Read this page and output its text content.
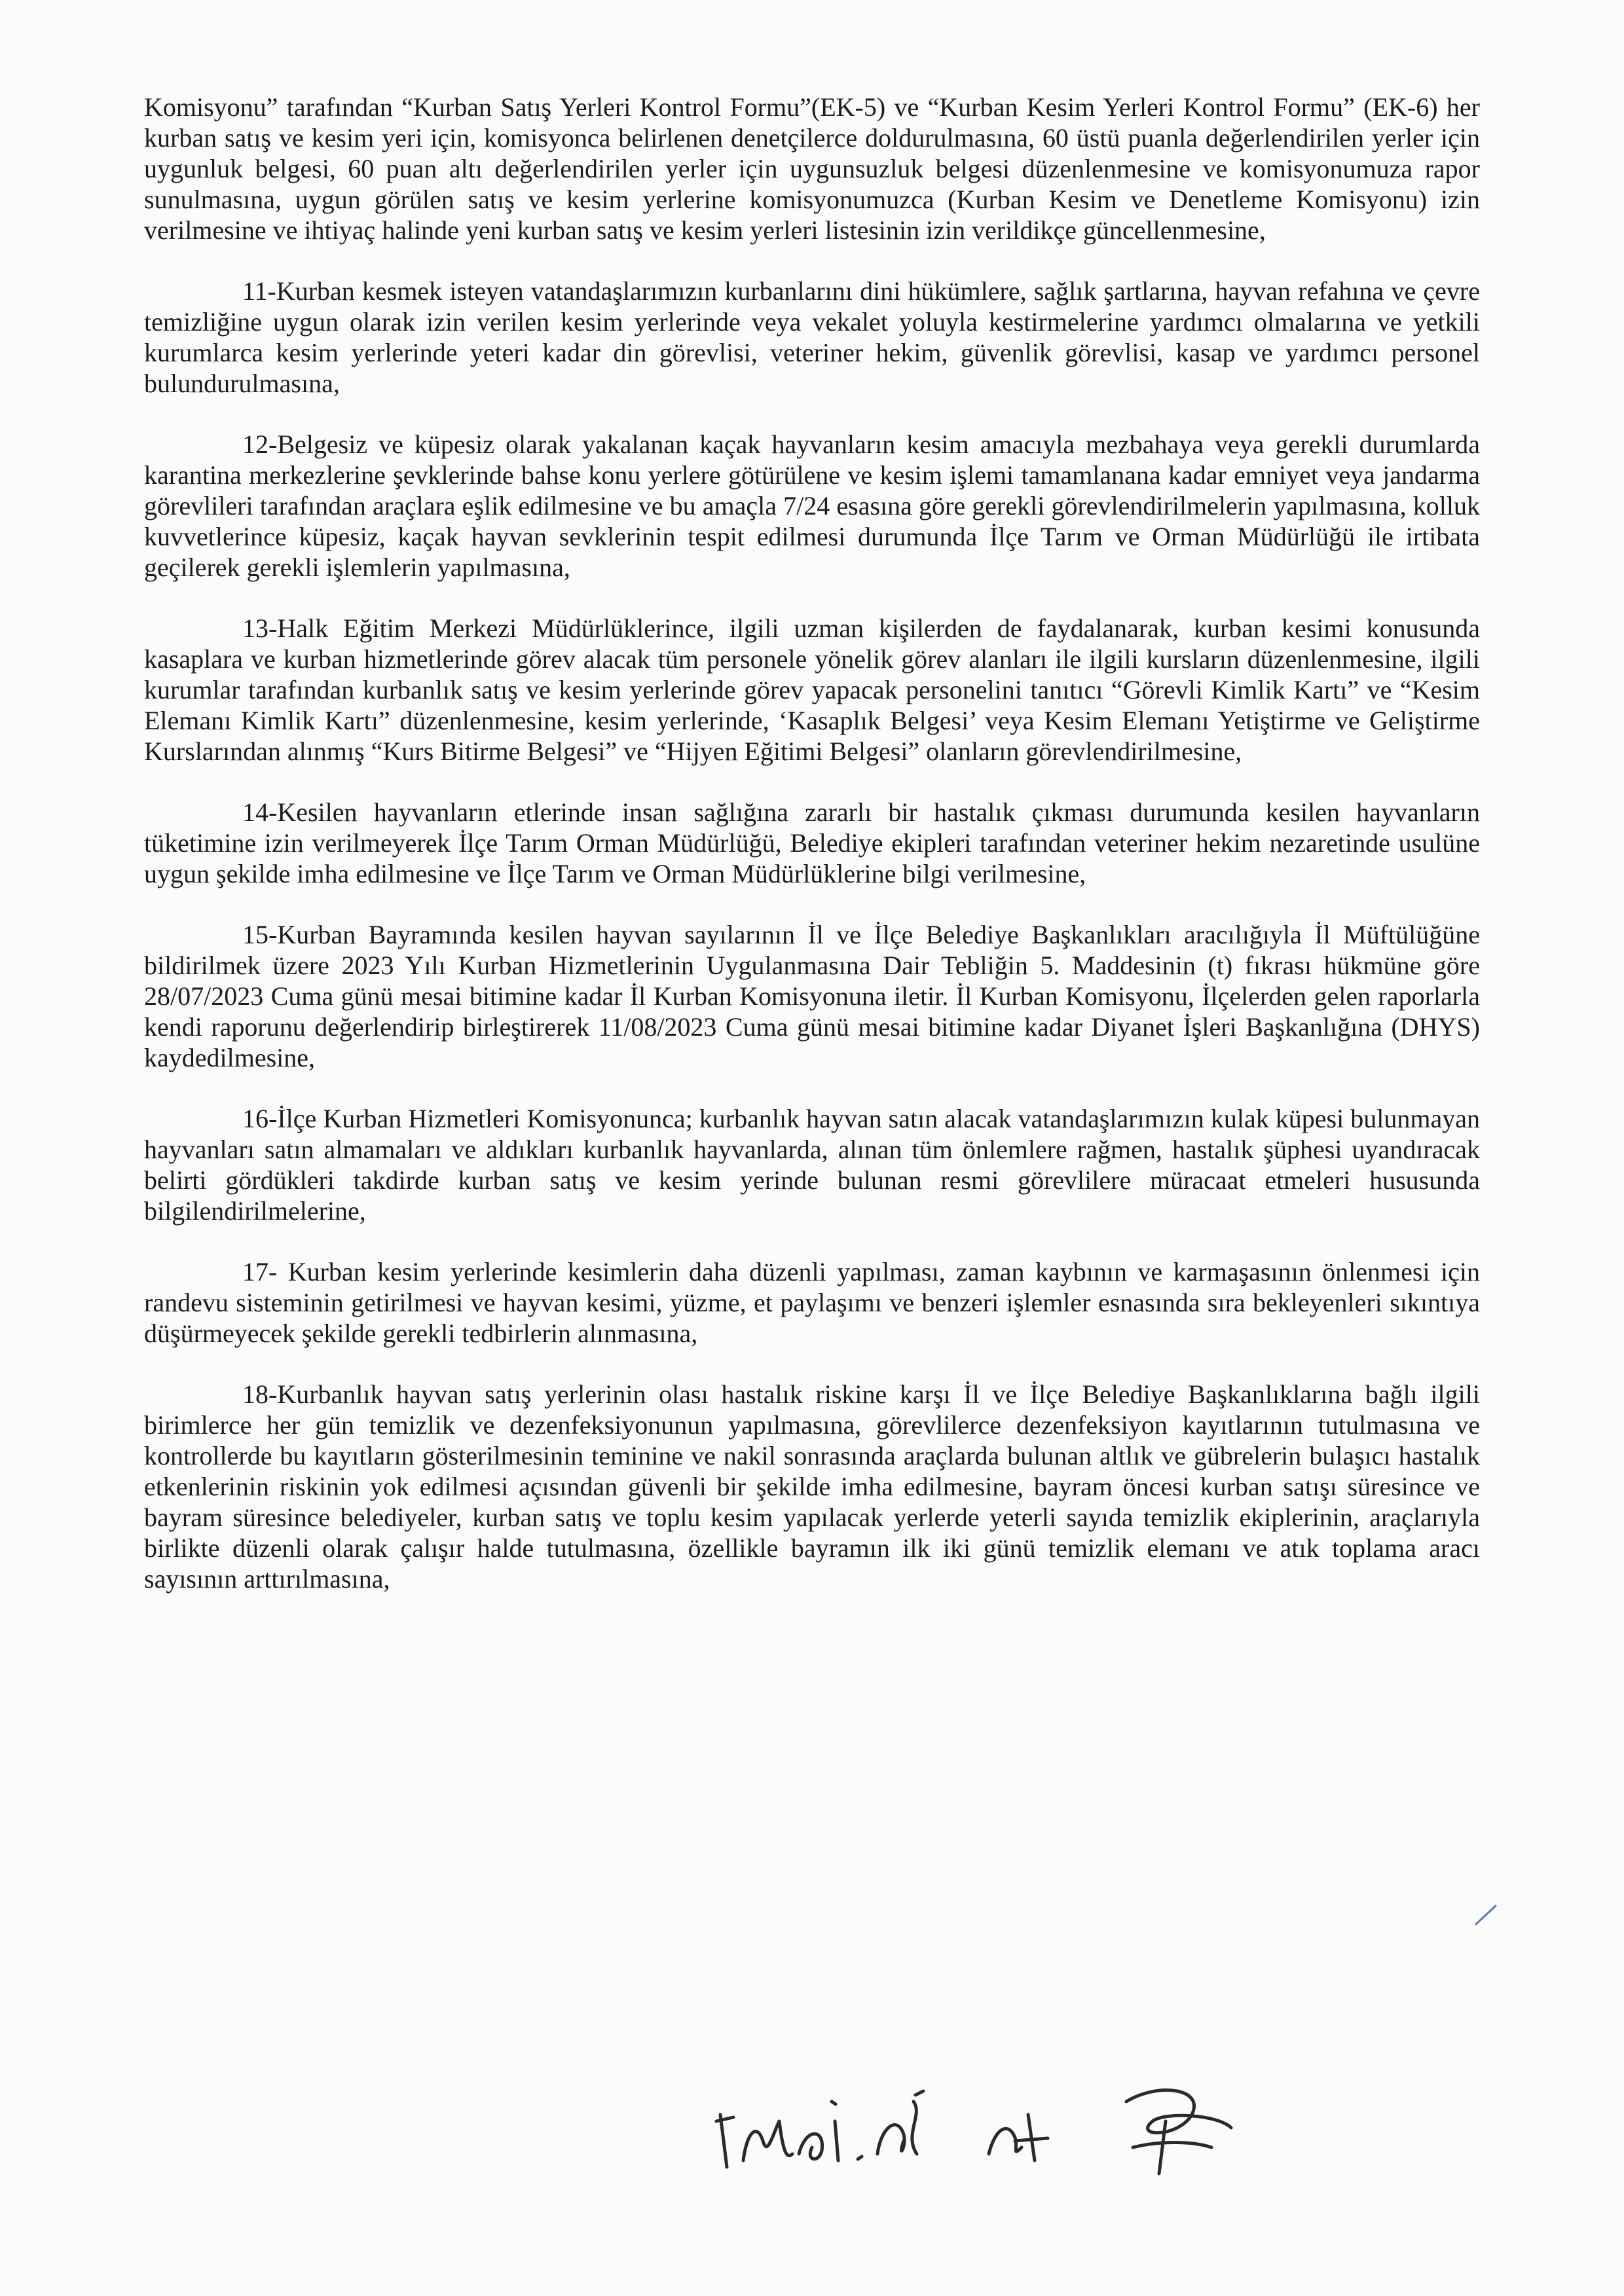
Komisyonu” tarafından “Kurban Satış Yerleri Kontrol Formu”(EK-5) ve “Kurban Kesim Yerleri Kontrol Formu” (EK-6) her kurban satış ve kesim yeri için, komisyonca belirlenen denetçilerce doldurulmasına, 60 üstü puanla değerlendirilen yerler için uygunluk belgesi, 60 puan altı değerlendirilen yerler için uygunsuzluk belgesi düzenlenmesine ve komisyonumuza rapor sunulmasına, uygun görülen satış ve kesim yerlerine komisyonumuzca (Kurban Kesim ve Denetleme Komisyonu) izin verilmesine ve ihtiyaç halinde yeni kurban satış ve kesim yerleri listesinin izin verildikçe güncellenmesine,

11-Kurban kesmek isteyen vatandaşlarımızın kurbanlarını dini hükümlere, sağlık şartlarına, hayvan refahına ve çevre temizliğine uygun olarak izin verilen kesim yerlerinde veya vekalet yoluyla kestirmelerine yardımcı olmalarına ve yetkili kurumlarca kesim yerlerinde yeteri kadar din görevlisi, veteriner hekim, güvenlik görevlisi, kasap ve yardımcı personel bulundurulmasına,

12-Belgesiz ve küpesiz olarak yakalanan kaçak hayvanların kesim amacıyla mezbahaya veya gerekli durumlarda karantina merkezlerine şevklerinde bahse konu yerlere götürülene ve kesim işlemi tamamlanana kadar emniyet veya jandarma görevlileri tarafından araçlara eşlik edilmesine ve bu amaçla 7/24 esasına göre gerekli görevlendirilmelerin yapılmasına, kolluk kuvvetlerince küpesiz, kaçak hayvan sevklerinin tespit edilmesi durumunda İlçe Tarım ve Orman Müdürlüğü ile irtibata geçilerek gerekli işlemlerin yapılmasına,

13-Halk Eğitim Merkezi Müdürlüklerince, ilgili uzman kişilerden de faydalanarak, kurban kesimi konusunda kasaplara ve kurban hizmetlerinde görev alacak tüm personele yönelik görev alanları ile ilgili kursların düzenlenmesine, ilgili kurumlar tarafından kurbanlık satış ve kesim yerlerinde görev yapacak personelini tanıtıcı “Görevli Kimlik Kartı” ve “Kesim Elemanı Kimlik Kartı” düzenlenmesine, kesim yerlerinde, ‘Kasaplık Belgesi’ veya Kesim Elemanı Yetiştirme ve Geliştirme Kurslarından alınmış “Kurs Bitirme Belgesi” ve “Hijyen Eğitimi Belgesi” olanların görevlendirilmesine,

14-Kesilen hayvanların etlerinde insan sağlığına zararlı bir hastalık çıkması durumunda kesilen hayvanların tüketimine izin verilmeyerek İlçe Tarım Orman Müdürlüğü, Belediye ekipleri tarafından veteriner hekim nezaretinde usulüne uygun şekilde imha edilmesine ve İlçe Tarım ve Orman Müdürlüklerine bilgi verilmesine,

15-Kurban Bayramında kesilen hayvan sayılarının İl ve İlçe Belediye Başkanlıkları aracılığıyla İl Müftülüğüne bildirilmek üzere 2023 Yılı Kurban Hizmetlerinin Uygulanmasına Dair Tebliğin 5. Maddesinin (t) fıkrası hükmüne göre 28/07/2023 Cuma günü mesai bitimine kadar İl Kurban Komisyonuna iletir. İl Kurban Komisyonu, İlçelerden gelen raporlarla kendi raporunu değerlendirip birleştirerek 11/08/2023 Cuma günü mesai bitimine kadar Diyanet İşleri Başkanlığına (DHYS) kaydedilmesine,

16-İlçe Kurban Hizmetleri Komisyonunca; kurbanlık hayvan satın alacak vatandaşlarımızın kulak küpesi bulunmayan hayvanları satın almamaları ve aldıkları kurbanlık hayvanlarda, alınan tüm önlemlere rağmen, hastalık şüphesi uyandıracak belirti gördükleri takdirde kurban satış ve kesim yerinde bulunan resmi görevlilere müracaat etmeleri hususunda bilgilendirilmelerine,

17- Kurban kesim yerlerinde kesimlerin daha düzenli yapılması, zaman kaybının ve karmaşasının önlenmesi için randevu sisteminin getirilmesi ve hayvan kesimi, yüzme, et paylaşımı ve benzeri işlemler esnasında sıra bekleyenleri sıkıntıya düşürmeyecek şekilde gerekli tedbirlerin alınmasına,

18-Kurbanlık hayvan satış yerlerinin olası hastalık riskine karşı İl ve İlçe Belediye Başkanlıklarına bağlı ilgili birimlerce her gün temizlik ve dezenfeksiyonunun yapılmasına, görevlilerce dezenfeksiyon kayıtlarının tutulmasına ve kontrollerde bu kayıtların gösterilmesinin teminine ve nakil sonrasında araçlarda bulunan altlık ve gübrelerin bulaşıcı hastalık etkenlerinin riskinin yok edilmesi açısından güvenli bir şekilde imha edilmesine, bayram öncesi kurban satışı süresince ve bayram süresince belediyeler, kurban satış ve toplu kesim yapılacak yerlerde yeterli sayıda temizlik ekiplerinin, araçlarıyla birlikte düzenli olarak çalışır halde tutulmasına, özellikle bayramın ilk iki günü temizlik elemanı ve atık toplama aracı sayısının arttırılmasına,
